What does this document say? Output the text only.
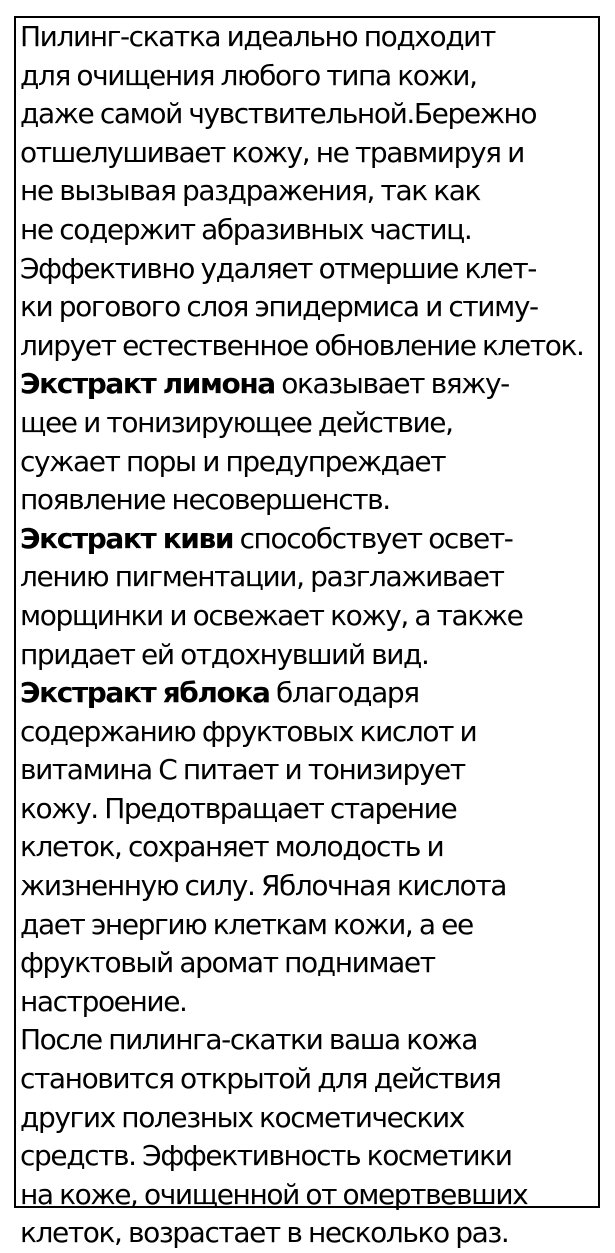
Пилинг-скатка идеально подходит
для очищения любого типа кожи,
даже самой чувствительной.Бережно
отшелушивает кожу, не травмируя и
не вызывая раздражения, так как
не содержит абразивных частиц.
Эффективно удаляет отмершие клет-
ки рогового слоя эпидермиса и стиму-
лирует естественное обновление клеток.
Экстракт лимона оказывает вяжу-
щее и тонизирующее действие,
сужает поры и предупреждает
появление несовершенств.
Экстракт киви способствует освет-
лению пигментации, разглаживает
морщинки и освежает кожу, а также
придает ей отдохнувший вид.
Экстракт яблока благодаря
содержанию фруктовых кислот и
витамина С питает и тонизирует
кожу. Предотвращает старение
клеток, сохраняет молодость и
жизненную силу. Яблочная кислота
дает энергию клеткам кожи, а ее
фруктовый аромат поднимает
настроение.
После пилинга-скатки ваша кожа
становится открытой для действия
других полезных косметических
средств. Эффективность косметики
на коже, очищенной от омертвевших
клеток, возрастает в несколько раз.
